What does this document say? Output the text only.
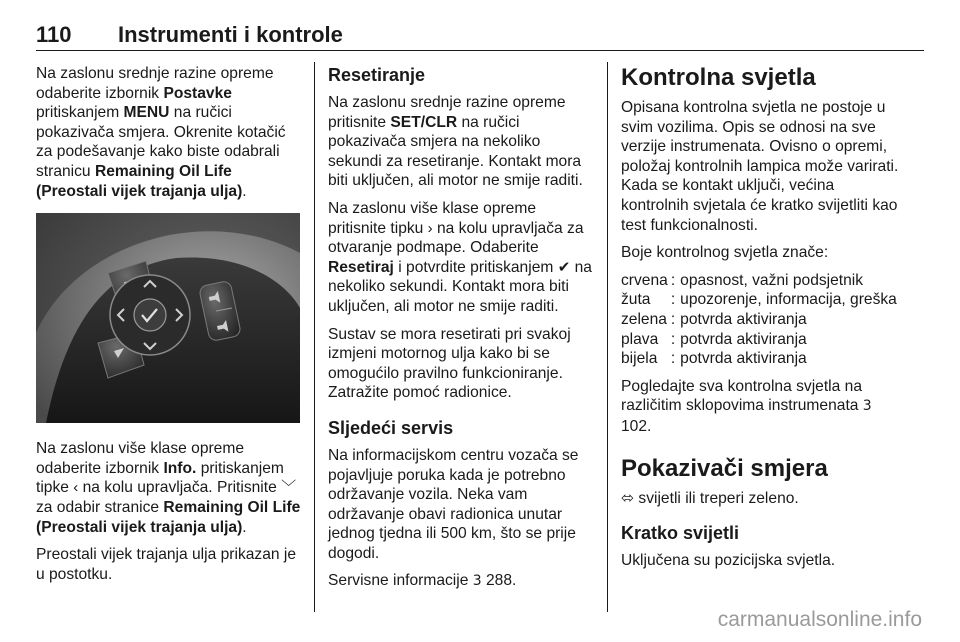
110 Instrumenti i kontrole

Na zaslonu srednje razine opreme odaberite izbornik Postavke pritiskanjem MENU na ručici pokazivača smjera. Okrenite kotačić za podešavanje kako biste odabrali stranicu Remaining Oil Life (Preostali vijek trajanja ulja).

Na zaslonu više klase opreme odaberite izbornik Info. pritiskanjem tipke ‹ na kolu upravljača. Pritisnite ﹀ za odabir stranice Remaining Oil Life (Preostali vijek trajanja ulja).

Preostali vijek trajanja ulja prikazan je u postotku.

Resetiranje

Na zaslonu srednje razine opreme pritisnite SET/CLR na ručici pokazivača smjera na nekoliko sekundi za resetiranje. Kontakt mora biti uključen, ali motor ne smije raditi.

Na zaslonu više klase opreme pritisnite tipku › na kolu upravljača za otvaranje podmape. Odaberite Resetiraj i potvrdite pritiskanjem ✔ na nekoliko sekundi. Kontakt mora biti uključen, ali motor ne smije raditi.

Sustav se mora resetirati pri svakoj izmjeni motornog ulja kako bi se omogućilo pravilno funkcioniranje. Zatražite pomoć radionice.

Sljedeći servis

Na informacijskom centru vozača se pojavljuje poruka kada je potrebno održavanje vozila. Neka vam održavanje obavi radionica unutar jednog tjedna ili 500 km, što se prije dogodi.

Servisne informacije 3 288.

Kontrolna svjetla

Opisana kontrolna svjetla ne postoje u svim vozilima. Opis se odnosi na sve verzije instrumenata. Ovisno o opremi, položaj kontrolnih lampica može varirati. Kada se kontakt uključi, većina kontrolnih svjetala će kratko svijetliti kao test funkcionalnosti.

Boje kontrolnog svjetla znače:

crvena	:	opasnost, važni podsjetnik
žuta	:	upozorenje, informacija, greška
zelena	:	potvrda aktiviranja
plava	:	potvrda aktiviranja
bijela	:	potvrda aktiviranja

Pogledajte sva kontrolna svjetla na različitim sklopovima instrumenata 3 102.

Pokazivači smjera

⬄ svijetli ili treperi zeleno.

Kratko svijetli

Uključena su pozicijska svjetla.

carmanualsonline.info
